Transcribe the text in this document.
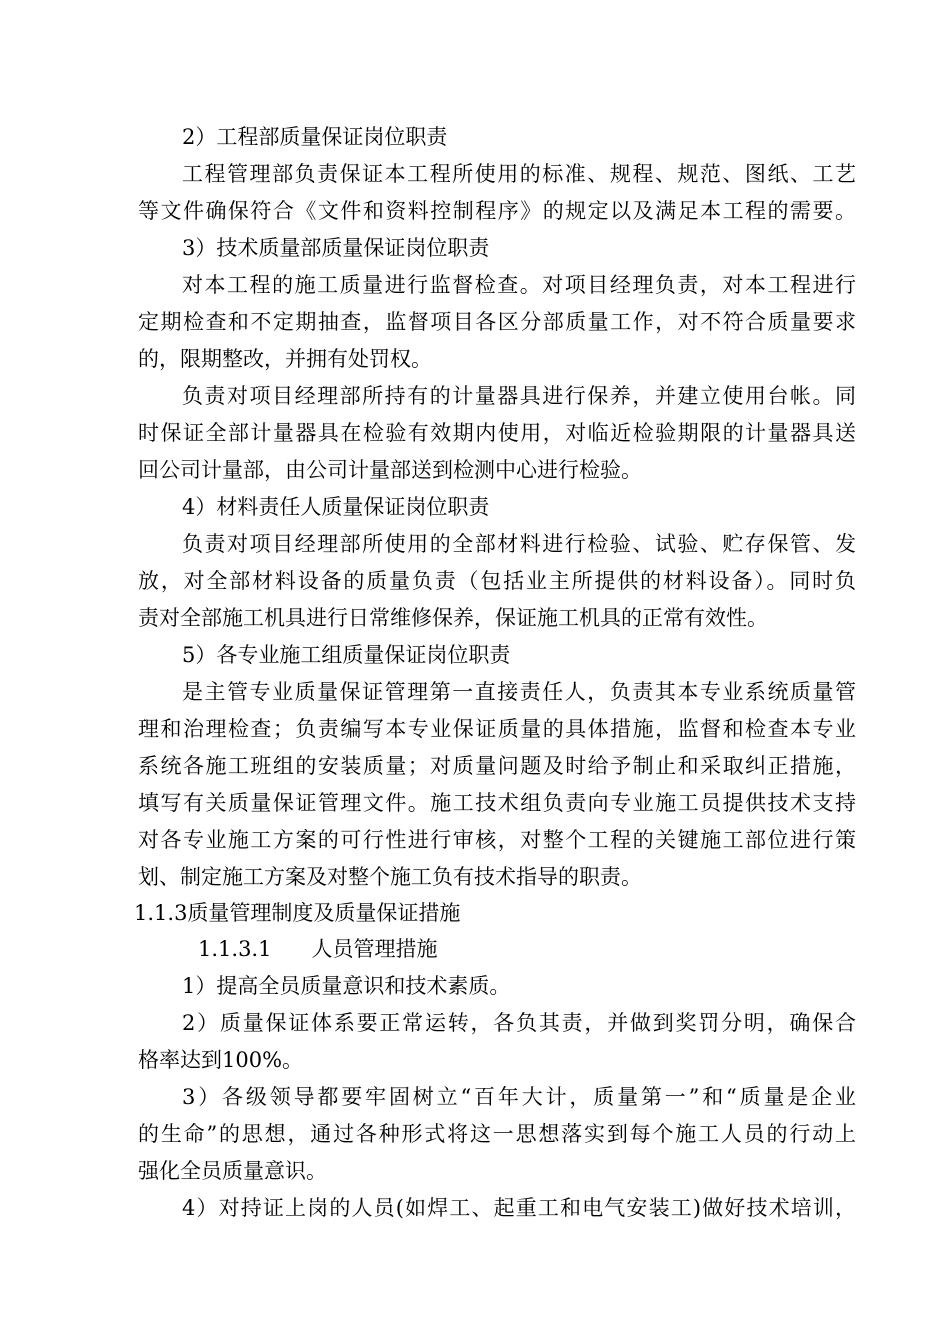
2）工程部质量保证岗位职责
工程管理部负责保证本工程所使用的标准、规程、规范、图纸、工艺
等文件确保符合《文件和资料控制程序》的规定以及满足本工程的需要。
3）技术质量部质量保证岗位职责
对本工程的施工质量进行监督检查。对项目经理负责，对本工程进行
定期检查和不定期抽查，监督项目各区分部质量工作，对不符合质量要求
的，限期整改，并拥有处罚权。
负责对项目经理部所持有的计量器具进行保养，并建立使用台帐。同
时保证全部计量器具在检验有效期内使用，对临近检验期限的计量器具送
回公司计量部，由公司计量部送到检测中心进行检验。
4）材料责任人质量保证岗位职责
负责对项目经理部所使用的全部材料进行检验、试验、贮存保管、发
放，对全部材料设备的质量负责（包括业主所提供的材料设备）。同时负
责对全部施工机具进行日常维修保养，保证施工机具的正常有效性。
5）各专业施工组质量保证岗位职责
是主管专业质量保证管理第一直接责任人，负责其本专业系统质量管
理和治理检查；负责编写本专业保证质量的具体措施，监督和检查本专业
系统各施工班组的安装质量；对质量问题及时给予制止和采取纠正措施，
填写有关质量保证管理文件。施工技术组负责向专业施工员提供技术支持
对各专业施工方案的可行性进行审核，对整个工程的关键施工部位进行策
划、制定施工方案及对整个施工负有技术指导的职责。
1.1.3质量管理制度及质量保证措施
1.1.3.1 人员管理措施
1）提高全员质量意识和技术素质。
2）质量保证体系要正常运转，各负其责，并做到奖罚分明，确保合
格率达到100%。
3）各级领导都要牢固树立“百年大计，质量第一”和“质量是企业
的生命”的思想，通过各种形式将这一思想落实到每个施工人员的行动上
强化全员质量意识。
4）对持证上岗的人员(如焊工、起重工和电气安装工)做好技术培训，
